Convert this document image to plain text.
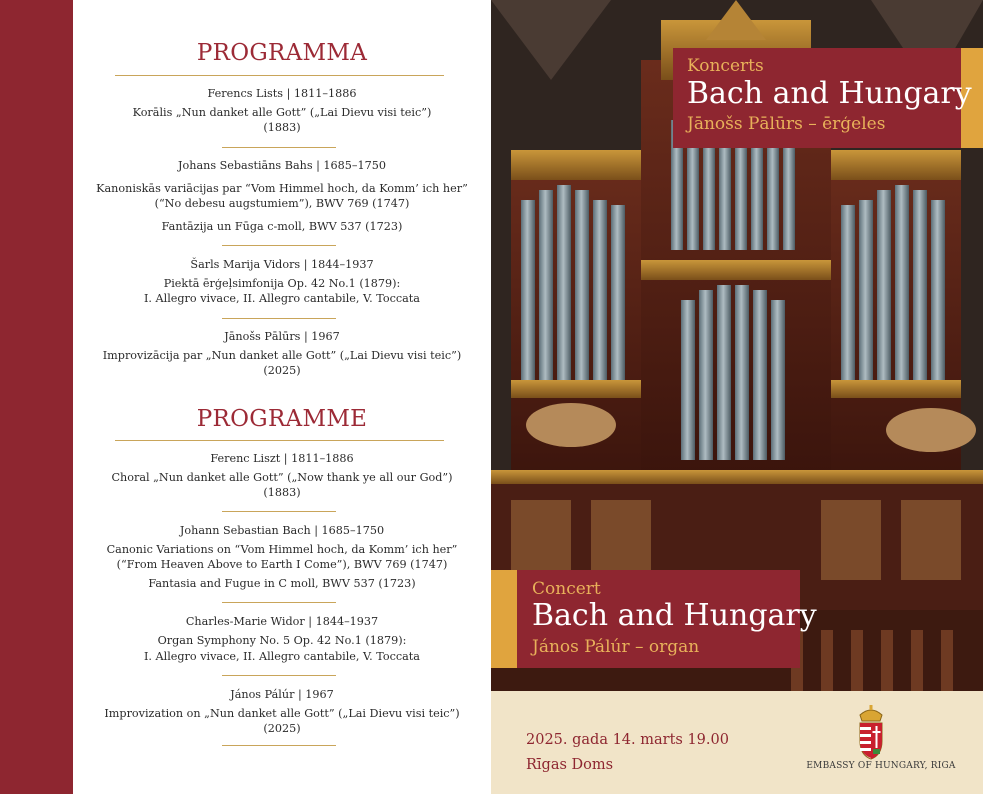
PROGRAMMA
Ferencs Lists | 1811–1886
Korālis „Nun danket alle Gott” („Lai Dievu visi teic”)
(1883)
Johans Sebastiāns Bahs | 1685–1750
Kanoniskās variācijas par “Vom Himmel hoch, da Komm’ ich her”
(“No debesu augstumiem”), BWV 769 (1747)
Fantāzija un Fūga c-moll, BWV 537 (1723)
Šarls Marija Vidors | 1844–1937
Piektā ērģeļsimfonija Op. 42 No.1 (1879):
I. Allegro vivace, II. Allegro cantabile, V. Toccata
Jānošs Pālūrs | 1967
Improvizācija par „Nun danket alle Gott” („Lai Dievu visi teic”)
(2025)
PROGRAMME
Ferenc Liszt | 1811–1886
Choral „Nun danket alle Gott” („Now thank ye all our God”)
(1883)
Johann Sebastian Bach | 1685–1750
Canonic Variations on “Vom Himmel hoch, da Komm’ ich her”
(“From Heaven Above to Earth I Come”), BWV 769 (1747)
Fantasia and Fugue in C moll, BWV 537 (1723)
Charles-Marie Widor | 1844–1937
Organ Symphony No. 5 Op. 42 No.1 (1879):
I. Allegro vivace, II. Allegro cantabile, V. Toccata
János Pálúr | 1967
Improvization on „Nun danket alle Gott” („Lai Dievu visi teic”)
(2025)
Koncerts
Bach and Hungary
Jānošs Pālūrs – ērģeles
Concert
Bach and Hungary
János Pálúr – organ
2025. gada 14. marts 19.00
Rīgas Doms	EMBASSY OF HUNGARY, RIGA
